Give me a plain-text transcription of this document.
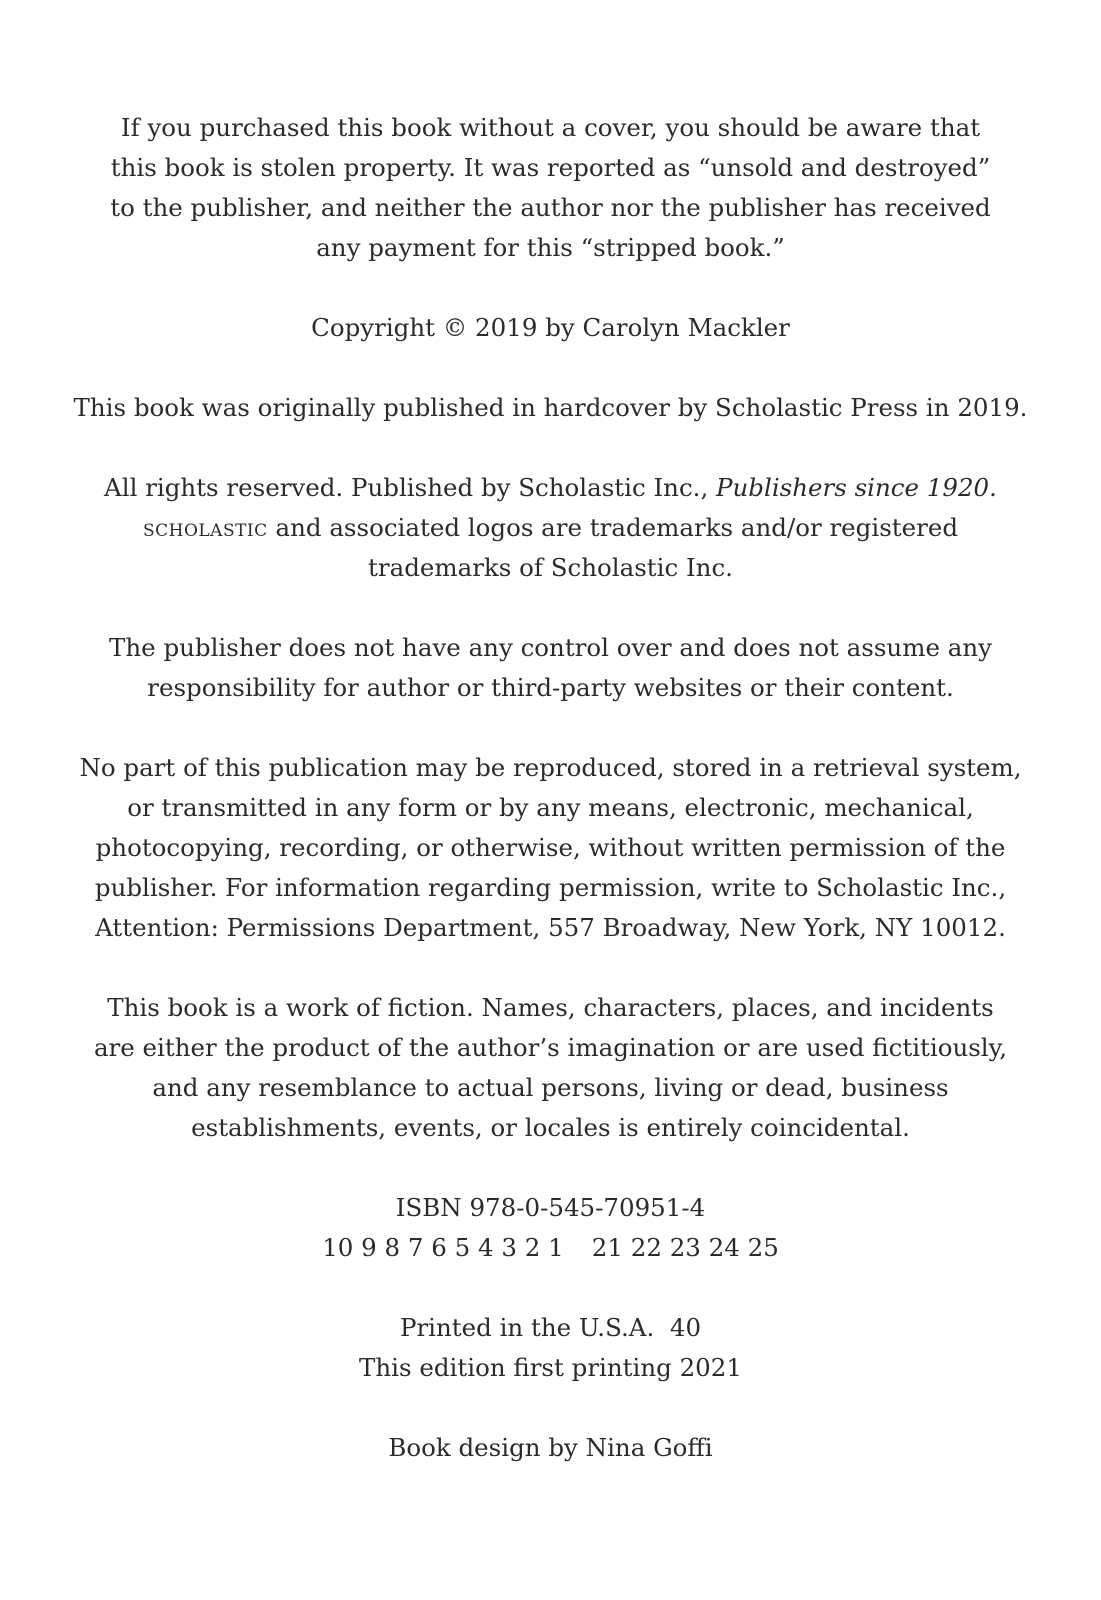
If you purchased this book without a cover, you should be aware that
this book is stolen property. It was reported as “unsold and destroyed”
to the publisher, and neither the author nor the publisher has received
any payment for this “stripped book.”
Copyright © 2019 by Carolyn Mackler
This book was originally published in hardcover by Scholastic Press in 2019.
All rights reserved. Published by Scholastic Inc., Publishers since 1920.
scholastic and associated logos are trademarks and/or registered
trademarks of Scholastic Inc.
The publisher does not have any control over and does not assume any
responsibility for author or third-party websites or their content.
No part of this publication may be reproduced, stored in a retrieval system,
or transmitted in any form or by any means, electronic, mechanical,
photocopying, recording, or otherwise, without written permission of the
publisher. For information regarding permission, write to Scholastic Inc.,
Attention: Permissions Department, 557 Broadway, New York, NY 10012.
This book is a work of fiction. Names, characters, places, and incidents
are either the product of the author’s imagination or are used fictitiously,
and any resemblance to actual persons, living or dead, business
establishments, events, or locales is entirely coincidental.
ISBN 978-0-545-70951-4
10 9 8 7 6 5 4 3 2 1 21 22 23 24 25
Printed in the U.S.A.  40
This edition first printing 2021
Book design by Nina Goffi
